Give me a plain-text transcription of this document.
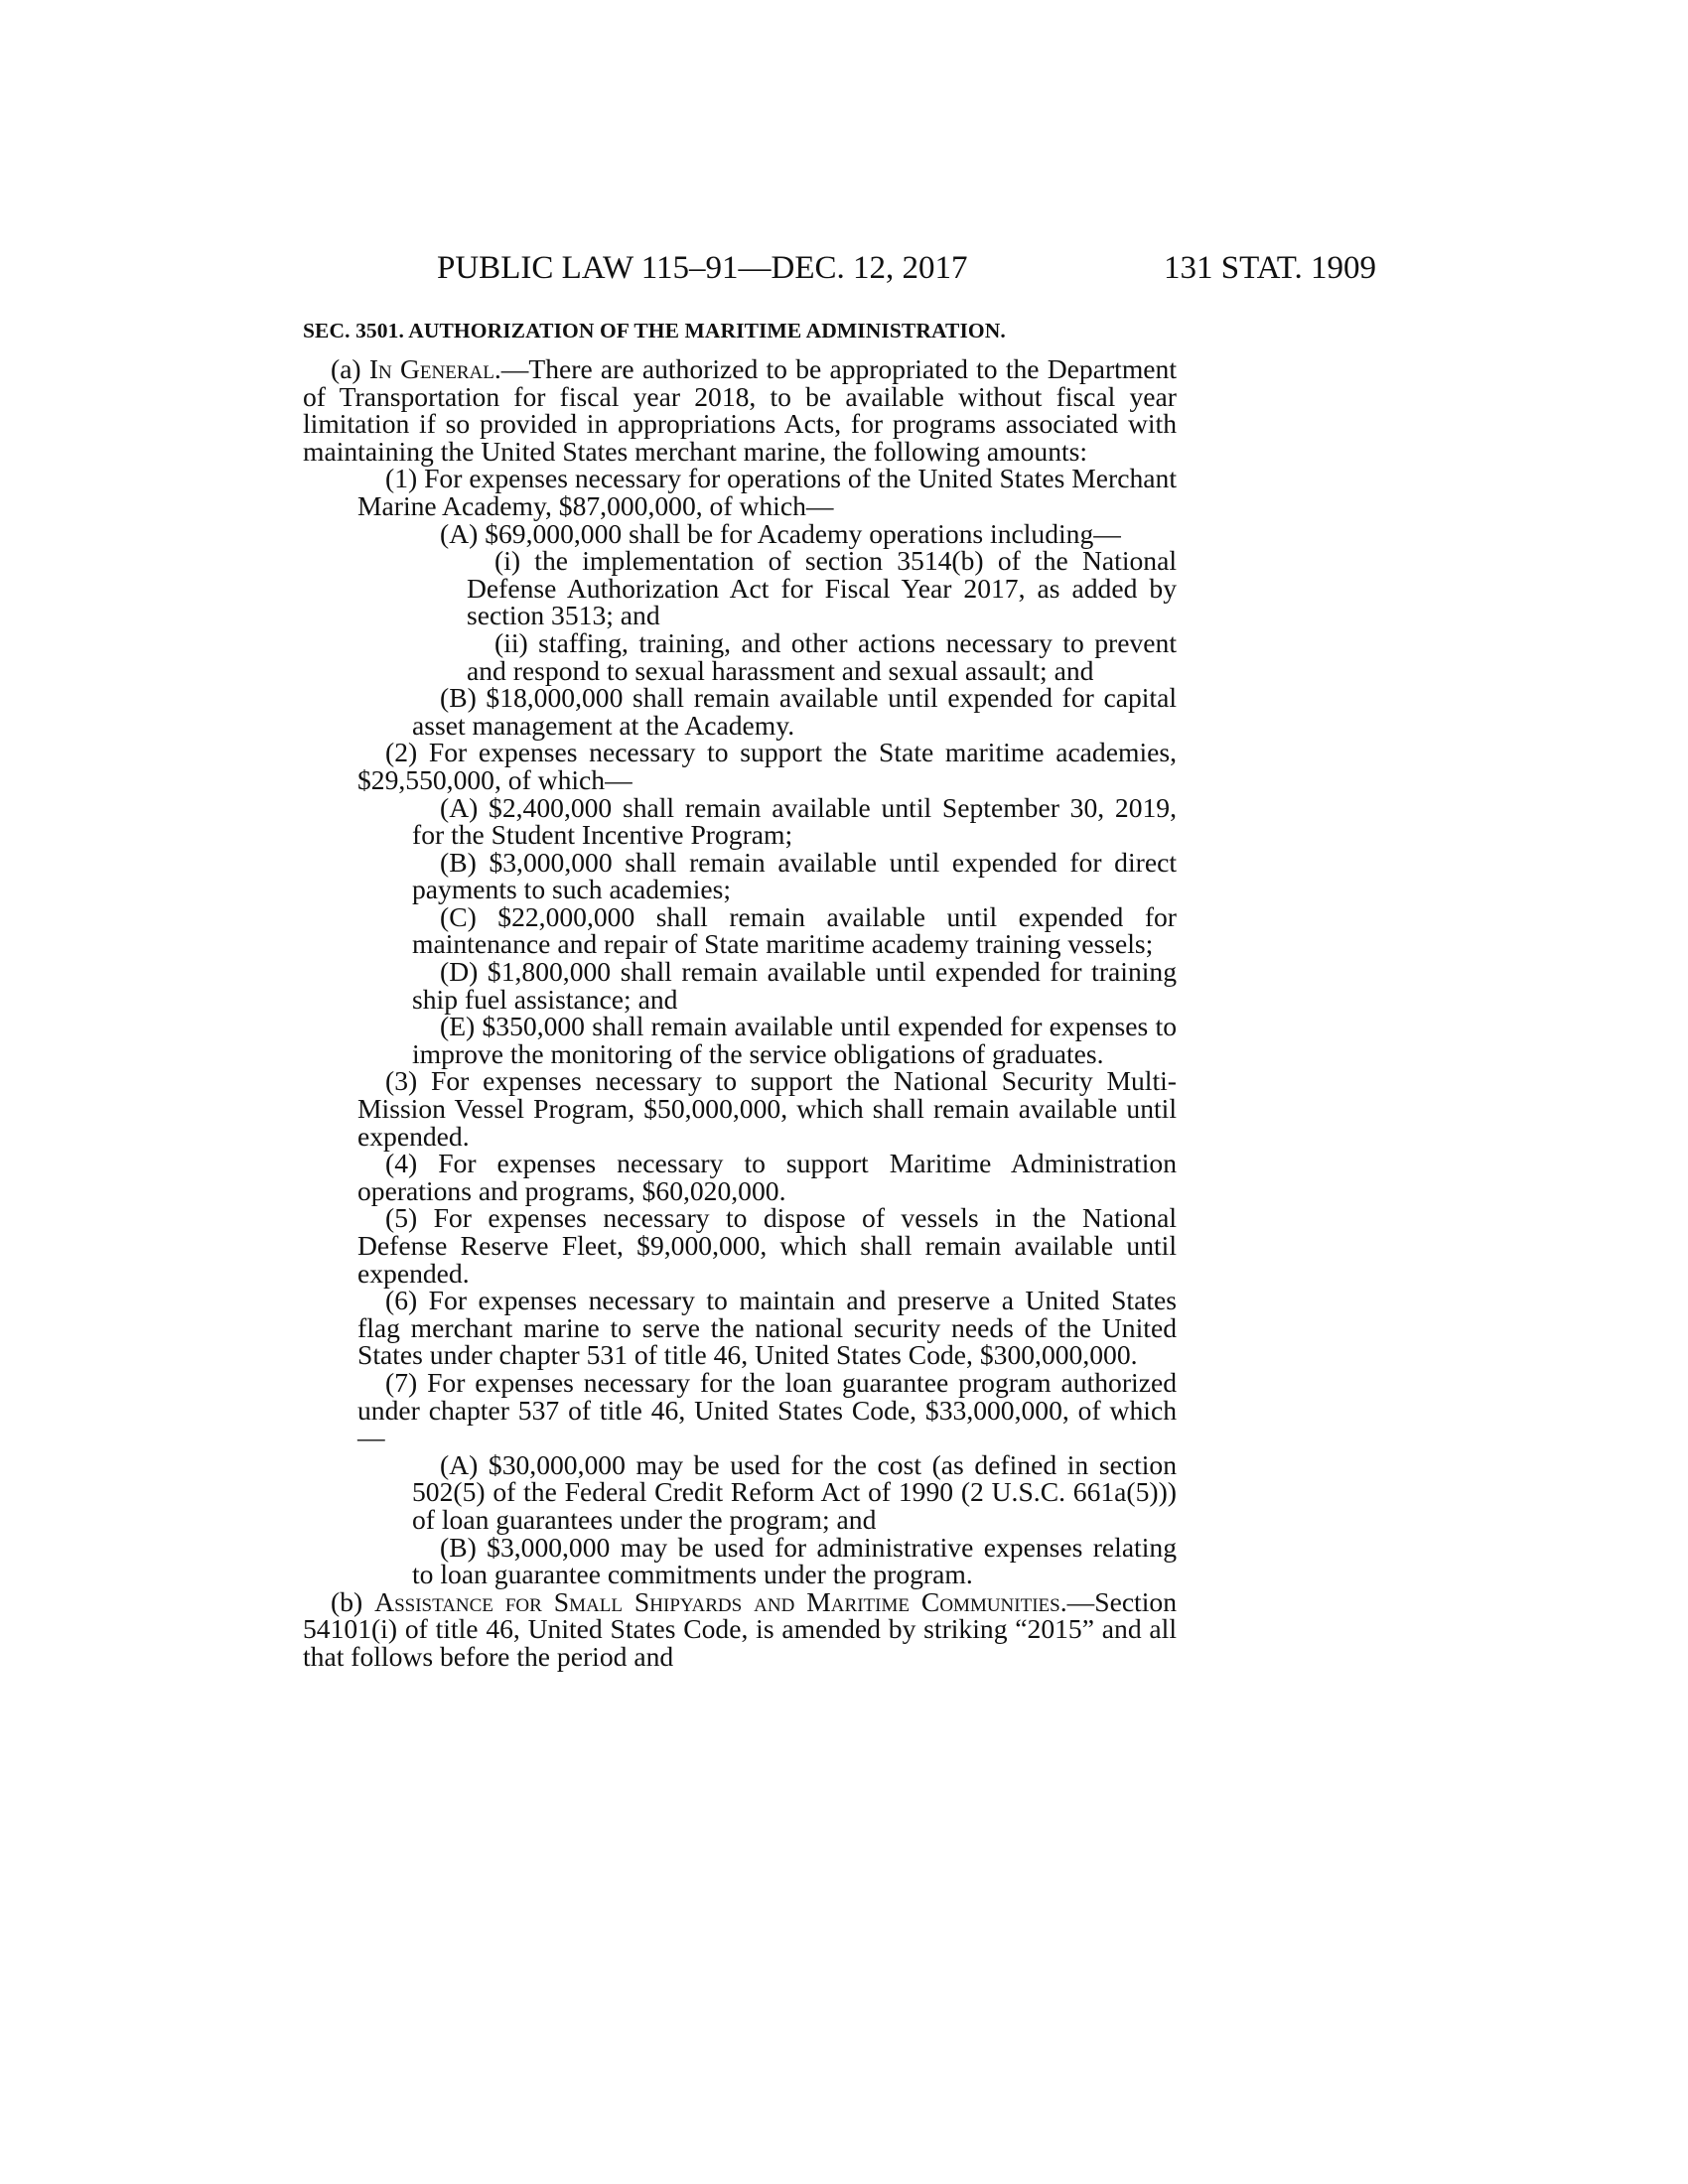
PUBLIC LAW 115–91—DEC. 12, 2017	131 STAT. 1909
SEC. 3501. AUTHORIZATION OF THE MARITIME ADMINISTRATION.

(a) In General.—There are authorized to be appropriated to the Department of Transportation for fiscal year 2018, to be available without fiscal year limitation if so provided in appropriations Acts, for programs associated with maintaining the United States merchant marine, the following amounts:

(1) For expenses necessary for operations of the United States Merchant Marine Academy, $87,000,000, of which—

(A) $69,000,000 shall be for Academy operations including—

(i) the implementation of section 3514(b) of the National Defense Authorization Act for Fiscal Year 2017, as added by section 3513; and

(ii) staffing, training, and other actions necessary to prevent and respond to sexual harassment and sexual assault; and

(B) $18,000,000 shall remain available until expended for capital asset management at the Academy.

(2) For expenses necessary to support the State maritime academies, $29,550,000, of which—

(A) $2,400,000 shall remain available until September 30, 2019, for the Student Incentive Program;

(B) $3,000,000 shall remain available until expended for direct payments to such academies;

(C) $22,000,000 shall remain available until expended for maintenance and repair of State maritime academy training vessels;

(D) $1,800,000 shall remain available until expended for training ship fuel assistance; and

(E) $350,000 shall remain available until expended for expenses to improve the monitoring of the service obligations of graduates.

(3) For expenses necessary to support the National Security Multi-Mission Vessel Program, $50,000,000, which shall remain available until expended.

(4) For expenses necessary to support Maritime Administration operations and programs, $60,020,000.

(5) For expenses necessary to dispose of vessels in the National Defense Reserve Fleet, $9,000,000, which shall remain available until expended.

(6) For expenses necessary to maintain and preserve a United States flag merchant marine to serve the national security needs of the United States under chapter 531 of title 46, United States Code, $300,000,000.

(7) For expenses necessary for the loan guarantee program authorized under chapter 537 of title 46, United States Code, $33,000,000, of which—

(A) $30,000,000 may be used for the cost (as defined in section 502(5) of the Federal Credit Reform Act of 1990 (2 U.S.C. 661a(5))) of loan guarantees under the program; and

(B) $3,000,000 may be used for administrative expenses relating to loan guarantee commitments under the program.

(b) Assistance for Small Shipyards and Maritime Communities.—Section 54101(i) of title 46, United States Code, is amended by striking “2015” and all that follows before the period and
